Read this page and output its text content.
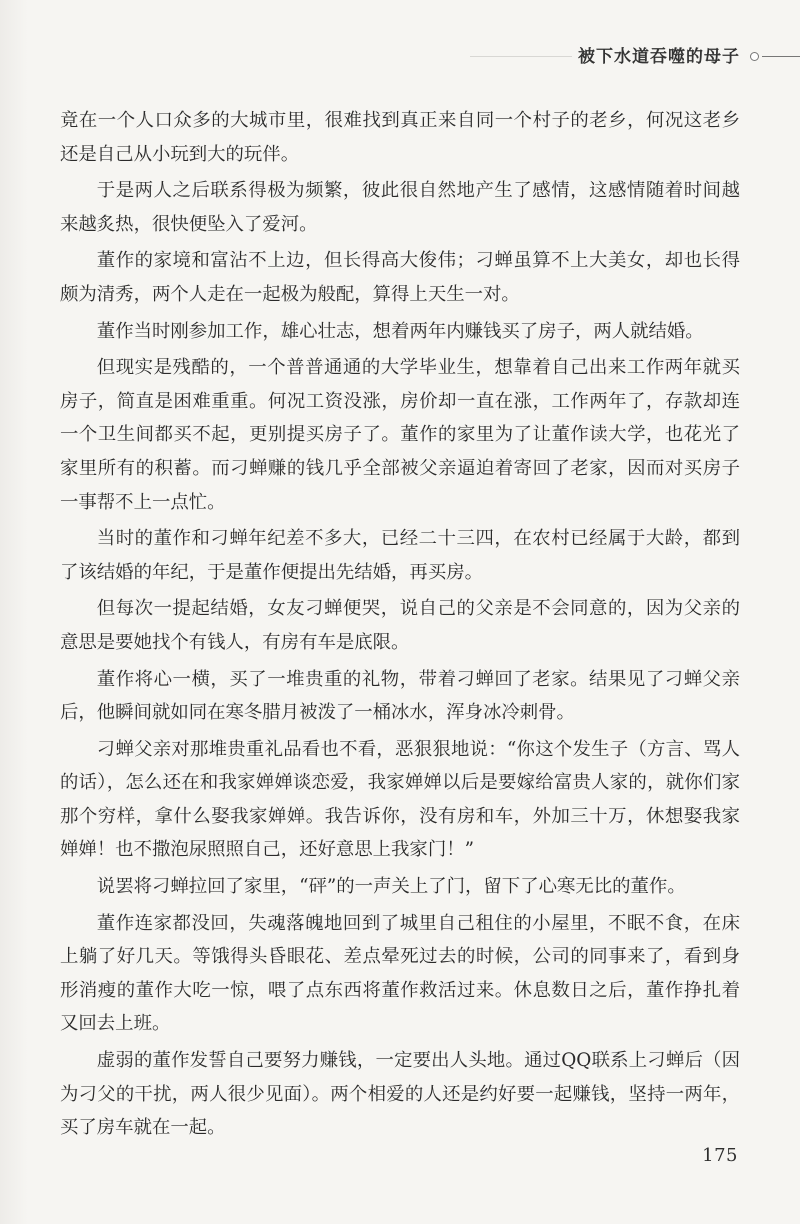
被下水道吞噬的母子

竟在一个人口众多的大城市里，很难找到真正来自同一个村子的老乡，何况这老乡还是自己从小玩到大的玩伴。

于是两人之后联系得极为频繁，彼此很自然地产生了感情，这感情随着时间越来越炙热，很快便坠入了爱河。

董作的家境和富沾不上边，但长得高大俊伟；刁蝉虽算不上大美女，却也长得颇为清秀，两个人走在一起极为般配，算得上天生一对。

董作当时刚参加工作，雄心壮志，想着两年内赚钱买了房子，两人就结婚。

但现实是残酷的，一个普普通通的大学毕业生，想靠着自己出来工作两年就买房子，简直是困难重重。何况工资没涨，房价却一直在涨，工作两年了，存款却连一个卫生间都买不起，更别提买房子了。董作的家里为了让董作读大学，也花光了家里所有的积蓄。而刁蝉赚的钱几乎全部被父亲逼迫着寄回了老家，因而对买房子一事帮不上一点忙。

当时的董作和刁蝉年纪差不多大，已经二十三四，在农村已经属于大龄，都到了该结婚的年纪，于是董作便提出先结婚，再买房。

但每次一提起结婚，女友刁蝉便哭，说自己的父亲是不会同意的，因为父亲的意思是要她找个有钱人，有房有车是底限。

董作将心一横，买了一堆贵重的礼物，带着刁蝉回了老家。结果见了刁蝉父亲后，他瞬间就如同在寒冬腊月被泼了一桶冰水，浑身冰冷刺骨。

刁蝉父亲对那堆贵重礼品看也不看，恶狠狠地说：“你这个发生子（方言、骂人的话），怎么还在和我家婵婵谈恋爱，我家婵婵以后是要嫁给富贵人家的，就你们家那个穷样，拿什么娶我家婵婵。我告诉你，没有房和车，外加三十万，休想娶我家婵婵！也不撒泡尿照照自己，还好意思上我家门！”

说罢将刁蝉拉回了家里，“砰”的一声关上了门，留下了心寒无比的董作。

董作连家都没回，失魂落魄地回到了城里自己租住的小屋里，不眠不食，在床上躺了好几天。等饿得头昏眼花、差点晕死过去的时候，公司的同事来了，看到身形消瘦的董作大吃一惊，喂了点东西将董作救活过来。休息数日之后，董作挣扎着又回去上班。

虚弱的董作发誓自己要努力赚钱，一定要出人头地。通过QQ联系上刁蝉后（因为刁父的干扰，两人很少见面）。两个相爱的人还是约好要一起赚钱，坚持一两年，买了房车就在一起。

175
